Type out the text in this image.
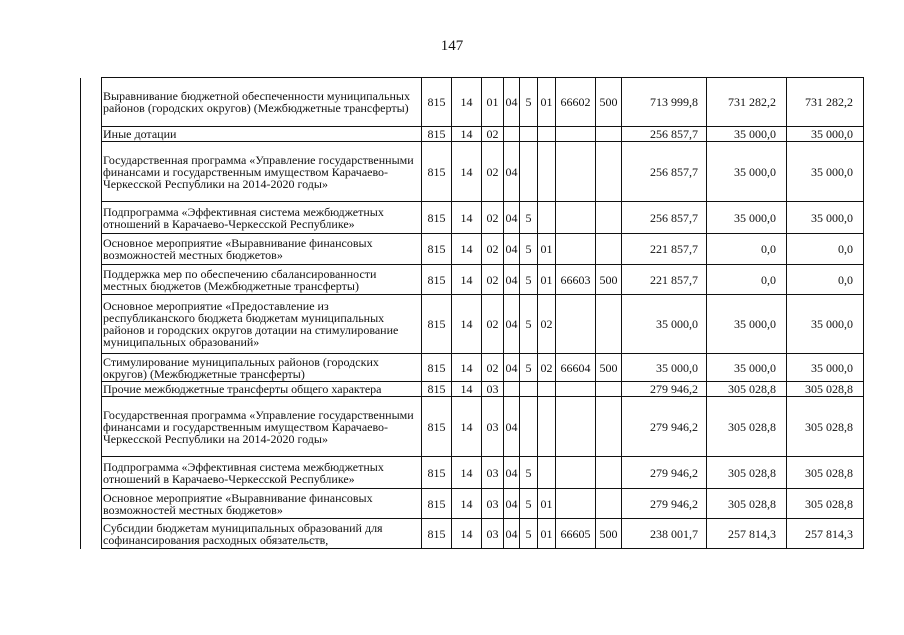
147
	Выравнивание бюджетной обеспеченности муниципальных районов (городских округов) (Межбюджетные трансферты)	815	14	01	04	5	01	66602	500	713 999,8	731 282,2	731 282,2
	Иные дотации	815	14	02						256 857,7	35 000,0	35 000,0
	Государственная программа «Управление государственными финансами и государственным имуществом Карачаево-Черкесской Республики на 2014-2020 годы»	815	14	02	04					256 857,7	35 000,0	35 000,0
	Подпрограмма «Эффективная система межбюджетных отношений в Карачаево-Черкесской Республике»	815	14	02	04	5				256 857,7	35 000,0	35 000,0
	Основное мероприятие «Выравнивание финансовых возможностей местных бюджетов»	815	14	02	04	5	01			221 857,7	0,0	0,0
	Поддержка мер по обеспечению сбалансированности местных бюджетов (Межбюджетные трансферты)	815	14	02	04	5	01	66603	500	221 857,7	0,0	0,0
	Основное мероприятие «Предоставление из республиканского бюджета бюджетам муниципальных районов и городских округов дотации на стимулирование муниципальных образований»	815	14	02	04	5	02			35 000,0	35 000,0	35 000,0
	Стимулирование муниципальных районов (городских округов) (Межбюджетные трансферты)	815	14	02	04	5	02	66604	500	35 000,0	35 000,0	35 000,0
	Прочие межбюджетные трансферты общего характера	815	14	03						279 946,2	305 028,8	305 028,8
	Государственная программа «Управление государственными финансами и государственным имуществом Карачаево-Черкесской Республики на 2014-2020 годы»	815	14	03	04					279 946,2	305 028,8	305 028,8
	Подпрограмма «Эффективная система межбюджетных отношений в Карачаево-Черкесской Республике»	815	14	03	04	5				279 946,2	305 028,8	305 028,8
	Основное мероприятие «Выравнивание финансовых возможностей местных бюджетов»	815	14	03	04	5	01			279 946,2	305 028,8	305 028,8
	Субсидии бюджетам муниципальных образований для софинансирования расходных обязательств,	815	14	03	04	5	01	66605	500	238 001,7	257 814,3	257 814,3
